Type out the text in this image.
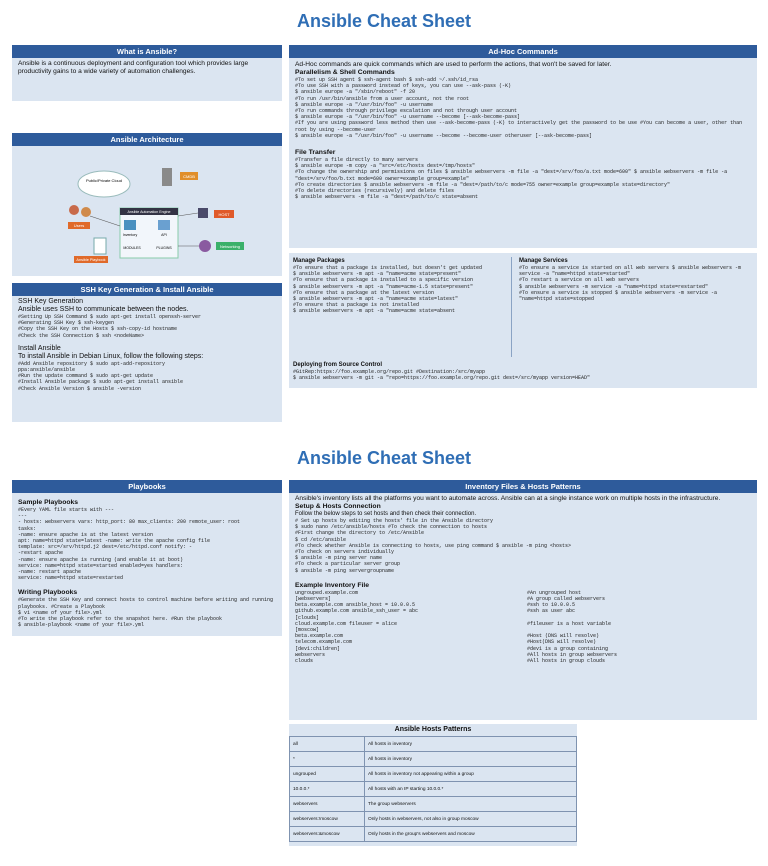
Ansible Cheat Sheet
Ansible Cheat Sheet
What is Ansible?
Ansible is a continuous deployment and configuration tool which provides large productivity gains to a wide variety of automation challenges.
Ansible Architecture
Public/Private Cloud
CMDB
Users
Ansible Automation Engine
Inventory	API
MODULES	PLUGINS
Ansible Playbook
HOST
Networking
SSH Key Generation & Install Ansible
SSH Key Generation
Ansible uses SSH to communicate between the nodes.
#Setting Up SSH Command $ sudo apt-get install openssh-server
#Generating SSH Key $ ssh-keygen
#Copy the SSH Key on the Hosts $ ssh-copy-id hostname
#Check the SSH Connection $ ssh <nodeName>
Install Ansible
To install Ansible in Debian Linux, follow the following steps:
#Add Ansible repository $ sudo apt-add-repository
ppa:ansible/ansible
#Run the update command $ sudo apt-get update
#Install Ansible package $ sudo apt-get install ansible
#Check Ansible Version $ ansible -version
Ad-Hoc Commands
Ad-Hoc commands are quick commands which are used to perform the actions, that won't be saved for later.
Parallelism & Shell Commands
#To set up SSH agent $ ssh-agent bash $ ssh-add ~/.ssh/id_rsa
#To use SSH with a password instead of keys, you can use --ask-pass (-K)
$ ansible europe -a "/sbin/reboot" -f 20
#To run /usr/bin/ansible from a user account, not the root
$ ansible europe -a "/usr/bin/foo" -u username
#To run commands through privilege escalation and not through user account
$ ansible europe -a "/usr/bin/foo" -u username --become [--ask-become-pass]
#If you are using password less method then use --ask-become-pass (-K) to interactively get the password to be use #You can become a user, other than root by using --become-user
$ ansible europe -a "/usr/bin/foo" -u username --become --become-user otheruser [--ask-become-pass]
File Transfer
#Transfer a file directly to many servers
$ ansible europe -m copy -a "src=/etc/hosts dest=/tmp/hosts"
#To change the ownership and permissions on files $ ansible webservers -m file -a "dest=/srv/foo/a.txt mode=600" $ ansible webservers -m file -a "dest=/srv/foo/b.txt mode=600 owner=example group=example"
#To create directories $ ansible webservers -m file -a "dest=/path/to/c mode=755 owner=example group=example state=directory"
#To delete directories (recursively) and delete files
$ ansible webservers -m file -a "dest=/path/to/c state=absent
Manage Packages
#To ensure that a package is installed, but doesn't get updated
$ ansible webservers -m apt -a "name=acme state=present"
#To ensure that a package is installed to a specific version
$ ansible webservers -m apt -a "name=acme-1.5 state=present"
#To ensure that a package at the latest version
$ ansible webservers -m apt -a "name=acme state=latest"
#To ensure that a package is not installed
$ ansible webservers -m apt -a "name=acme state=absent
Manage Services
#To ensure a service is started on all web servers $ ansible webservers -m service -a "name=httpd state=started"
#To restart a service on all web servers
$ ansible webservers -m service -a "name=httpd state=restarted"
#To ensure a service is stopped $ ansible webservers -m service -a "name=httpd state=stopped
Deploying from Source Control
#GitRep:https://foo.example.org/repo.git #Destination:/src/myapp
$ ansible webservers -m git -a "repo=https://foo.example.org/repo.git dest=/src/myapp version=HEAD"
Playbooks
Sample Playbooks
#Every YAML file starts with ---
---
- hosts: webservers vars: http_port: 80 max_clients: 200 remote_user: root
tasks:
-name: ensure apache is at the latest version
apt: name=httpd state=latest -name: write the apache config file
template: src=/srv/httpd.j2 dest=/etc/httpd.conf notify: -
-restart apache
-name: ensure apache is running (and enable it at boot)
service: name=httpd state=started enabled=yes handlers:
-name: restart apache
service: name=httpd state=restarted
Writing Playbooks
#Generate the SSH Key and connect hosts to control machine before writing and running playbooks. #Create a Playbook
$ vi <name of your file>.yml
#To write the playbook refer to the snapshot here. #Run the playbook
$ ansible-playbook <name of your file>.yml
Inventory Files & Hosts Patterns
Ansible's inventory lists all the platforms you want to automate across. Ansible can at a single instance work on multiple hosts in the infrastructure.
Setup & Hosts Connection
Follow the below steps to set hosts and then check their connection.
# Set up hosts by editing the hosts' file in the Ansible directory
$ sudo nano /etc/ansible/hosts #To check the connection to hosts
#First change the directory to /etc/Ansible
$ cd /etc/ansible
#To check whether Ansible is connecting to hosts, use ping command $ ansible -m ping <hosts>
#To check on servers individually
$ ansible -m ping server name
#To check a particular server group
$ ansible -m ping servergroupname
Example Inventory File
ungrouped.example.com	#An ungrouped host
[webservers]	#A group called webservers
beta.example.com ansible_host = 10.0.0.5	#ssh to 10.0.0.5
github.example.com ansible_ssh_user = abc	#ssh as user abc
[clouds]
cloud.example.com fileuser = alice	#fileuser is a host variable
[moscow]
beta.example.com	#Host (DNS will resolve)
telecom.example.com	#Host(DNS will resolve)
[dev1:children]	#dev1 is a group containing
webservers	#All hosts in group webservers
clouds	#All hosts in group clouds
Ansible Hosts Patterns
all	All hosts in inventory
*	All hosts in inventory
ungrouped	All hosts in inventory not appearing within a group
10.0.0.*	All hosts with an IP starting 10.0.0.*
webservers	The group webservers
webservers:!moscow	Only hosts in webservers, not also in group moscow
webservers:&moscow	Only hosts in the group's webservers and moscow
